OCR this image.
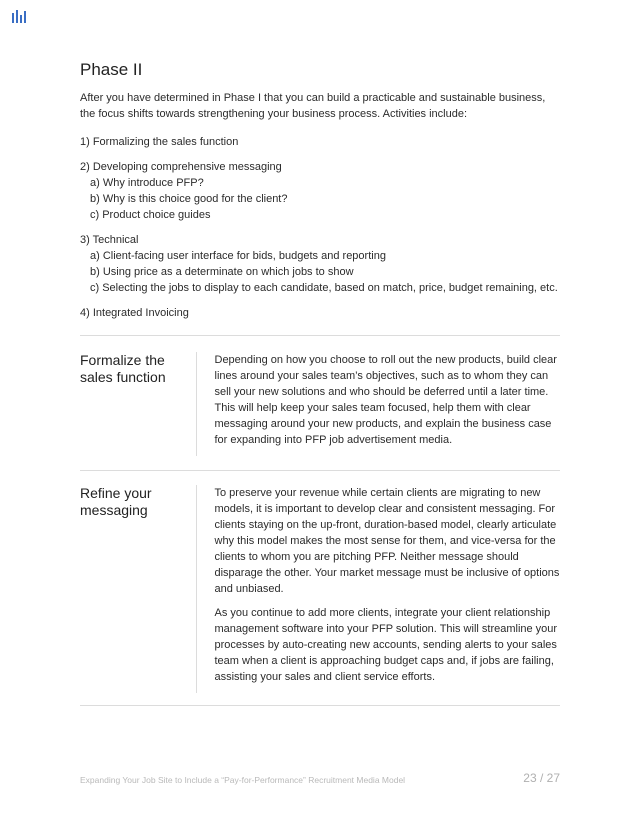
Phase II

After you have determined in Phase I that you can build a practicable and sustainable business, the focus shifts towards strengthening your business process. Activities include:

1) Formalizing the sales function

2) Developing comprehensive messaging

a) Why introduce PFP?

b) Why is this choice good for the client?

c) Product choice guides

3) Technical

a) Client-facing user interface for bids, budgets and reporting

b) Using price as a determinate on which jobs to show

c) Selecting the jobs to display to each candidate, based on match, price, budget remaining, etc.

4) Integrated Invoicing

Formalize the sales function

Depending on how you choose to roll out the new products, build clear lines around your sales team’s objectives, such as to whom they can sell your new solutions and who should be deferred until a later time. This will help keep your sales team focused, help them with clear messaging around your new products, and explain the business case for expanding into PFP job advertisement media.

Refine your messaging

To preserve your revenue while certain clients are migrating to new models, it is important to develop clear and consistent messaging. For clients staying on the up-front, duration-based model, clearly articulate why this model makes the most sense for them, and vice-versa for the clients to whom you are pitching PFP. Neither message should disparage the other. Your market message must be inclusive of options and unbiased.

As you continue to add more clients, integrate your client relationship management software into your PFP solution. This will streamline your processes by auto-creating new accounts, sending alerts to your sales team when a client is approaching budget caps and, if jobs are failing, assisting your sales and client service efforts.

Expanding Your Job Site to Include a “Pay-for-Performance” Recruitment Media Model	23 / 27
